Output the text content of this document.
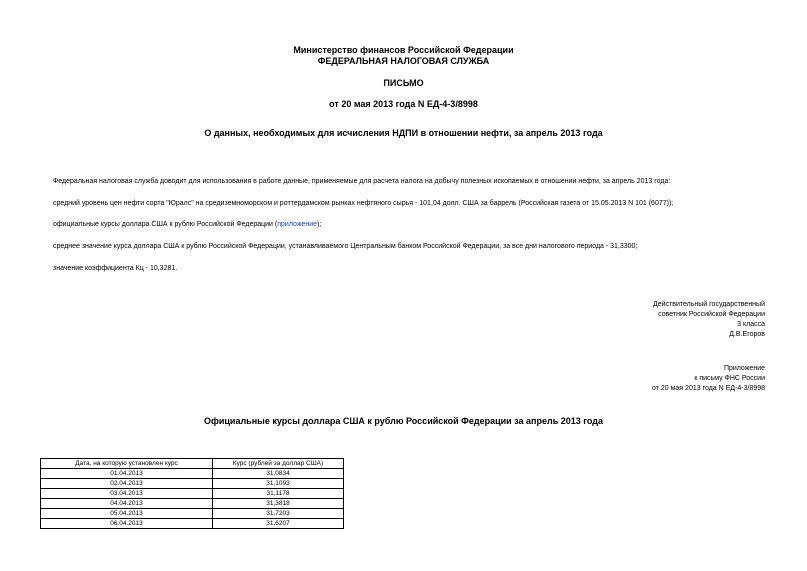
Министерство финансов Российской Федерации
ФЕДЕРАЛЬНАЯ НАЛОГОВАЯ СЛУЖБА
ПИСЬМО
от 20 мая 2013 года N ЕД-4-3/8998
О данных, необходимых для исчисления НДПИ в отношении нефти, за апрель 2013 года
Федеральная налоговая служба доводит для использования в работе данные, применяемые для расчета налога на добычу полезных ископаемых в отношении нефти, за апрель 2013 года:
средний уровень цен нефти сорта "Юралс" на средиземноморском и роттердамском рынках нефтяного сырья - 101,04 долл. США за баррель (Российская газета от 15.05.2013 N 101 (6077));
официальные курсы доллара США к рублю Российской Федерации (приложение);
среднее значение курса доллара США к рублю Российской Федерации, устанавливаемого Центральным банком Российской Федерации, за все дни налогового периода - 31,3300;
значение коэффициента Кц - 10,3281.
Действительный государственный
советник Российской Федерации
3 класса
Д.В.Егоров
Приложение
к письму ФНС России
от 20 мая 2013 года N ЕД-4-3/8998
Официальные курсы доллара США к рублю Российской Федерации за апрель 2013 года
Дата, на которую установлен курс	Курс (рублей за доллар США)
01.04.2013	31,0834
02.04.2013	31,1093
03.04.2013	31,1178
04.04.2013	31,3818
05.04.2013	31,7203
06.04.2013	31,6207
